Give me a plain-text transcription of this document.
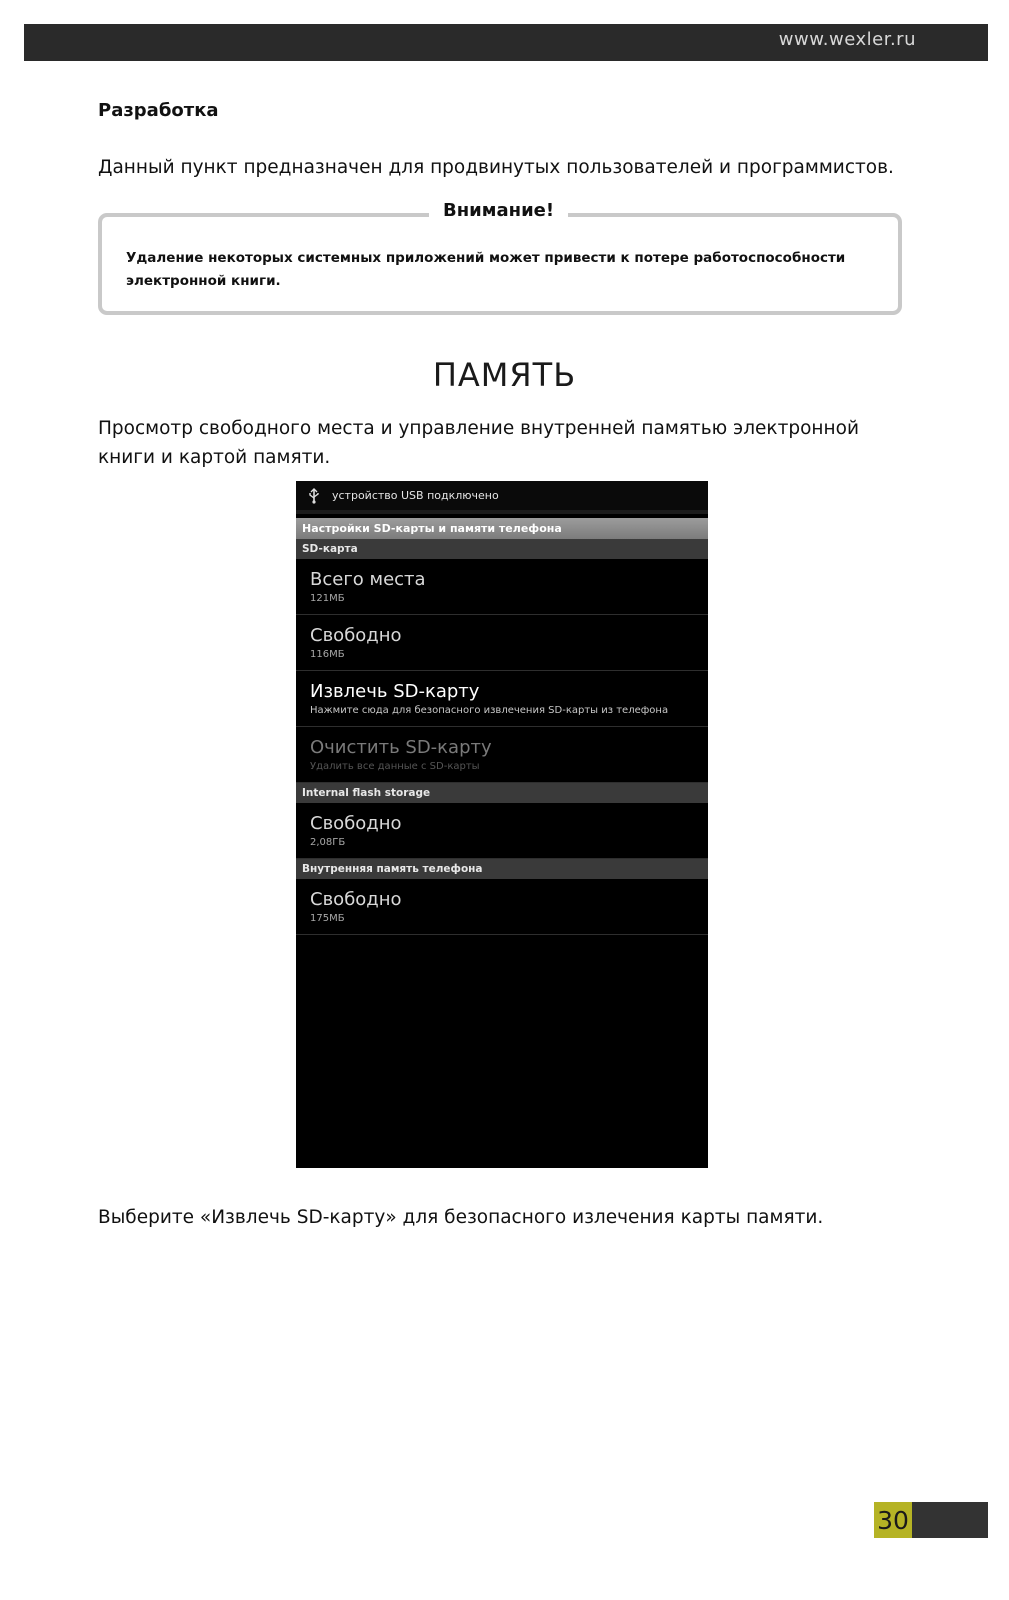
www.wexler.ru
Разработка
Данный пункт предназначен для продвинутых пользователей и программистов.
Внимание!
Удаление некоторых системных приложений может привести к потере работоспособности электронной книги.
ПАМЯТЬ
Просмотр свободного места и управление внутренней памятью электронной книги и картой памяти.
устройство USB подключено
Настройки SD-карты и памяти телефона
SD-карта
Всего места
121МБ
Свободно
116МБ
Извлечь SD-карту
Нажмите сюда для безопасного извлечения SD-карты из телефона
Очистить SD-карту
Удалить все данные с SD-карты
Internal flash storage
Свободно
2,08ГБ
Внутренняя память телефона
Свободно
175МБ
Выберите «Извлечь SD-карту» для безопасного излечения карты памяти.
30
